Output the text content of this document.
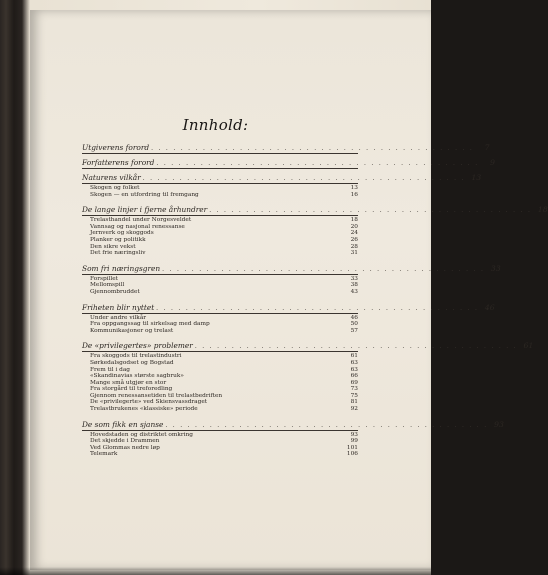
Innhold:
Utgiverens forord . . . . . . . . . . . . . . . . . . . . . . . . . . . . . . . . . . . . . . . . . . . .	7
Forfatterens forord . . . . . . . . . . . . . . . . . . . . . . . . . . . . . . . . . . . . . . . . . . . .	9
Naturens vilkår . . . . . . . . . . . . . . . . . . . . . . . . . . . . . . . . . . . . . . . . . . . . 13
Skogen og folket	13
Skogen — en utfordring til fremgang	16
De lange linjer i fjerne århundrer . . . . . . . . . . . . . . . . . . . . . . . . . . . . . . . . . . . . . . . . . . . . 18
Trelasthandel under Norgesveldet	18
Vannsag og nasjonal renessanse	20
Jernverk og skoggods	24
Planker og politikk	26
Den sikre vekst	28
Det frie næringsliv	31
Som fri næringsgren . . . . . . . . . . . . . . . . . . . . . . . . . . . . . . . . . . . . . . . . . . . . 33
Forspillet	33
Mellomspill	38
Gjennombruddet	43
Friheten blir nyttet . . . . . . . . . . . . . . . . . . . . . . . . . . . . . . . . . . . . . . . . . . . . 46
Under andre vilkår	46
Fra oppgangssag til sirkelsag med damp	50
Kommunikasjoner og trelast	57
De «privilegertes» problemer . . . . . . . . . . . . . . . . . . . . . . . . . . . . . . . . . . . . . . . . . . . . 61
Fra skoggods til trelastindustri	61
Sørkedalsgodset og Bogstad	63
Frem til i dag	63
«Skandinavias største sagbruk»	66
Mange små utgjør en stor	69
Fra storgård til treforedling	73
Gjennom renessansetiden til trelastbedriften	75
De «privilegerte» ved Skiensvassdraget	81
Trelastbrukenes «klassiske» periode	92
De som fikk en sjanse . . . . . . . . . . . . . . . . . . . . . . . . . . . . . . . . . . . . . . . . . . . . 93
Hovedstaden og distriktet omkring	93
Det skjedde i Drammen	99
Ved Glommas nedre løp	101
Telemark	106
